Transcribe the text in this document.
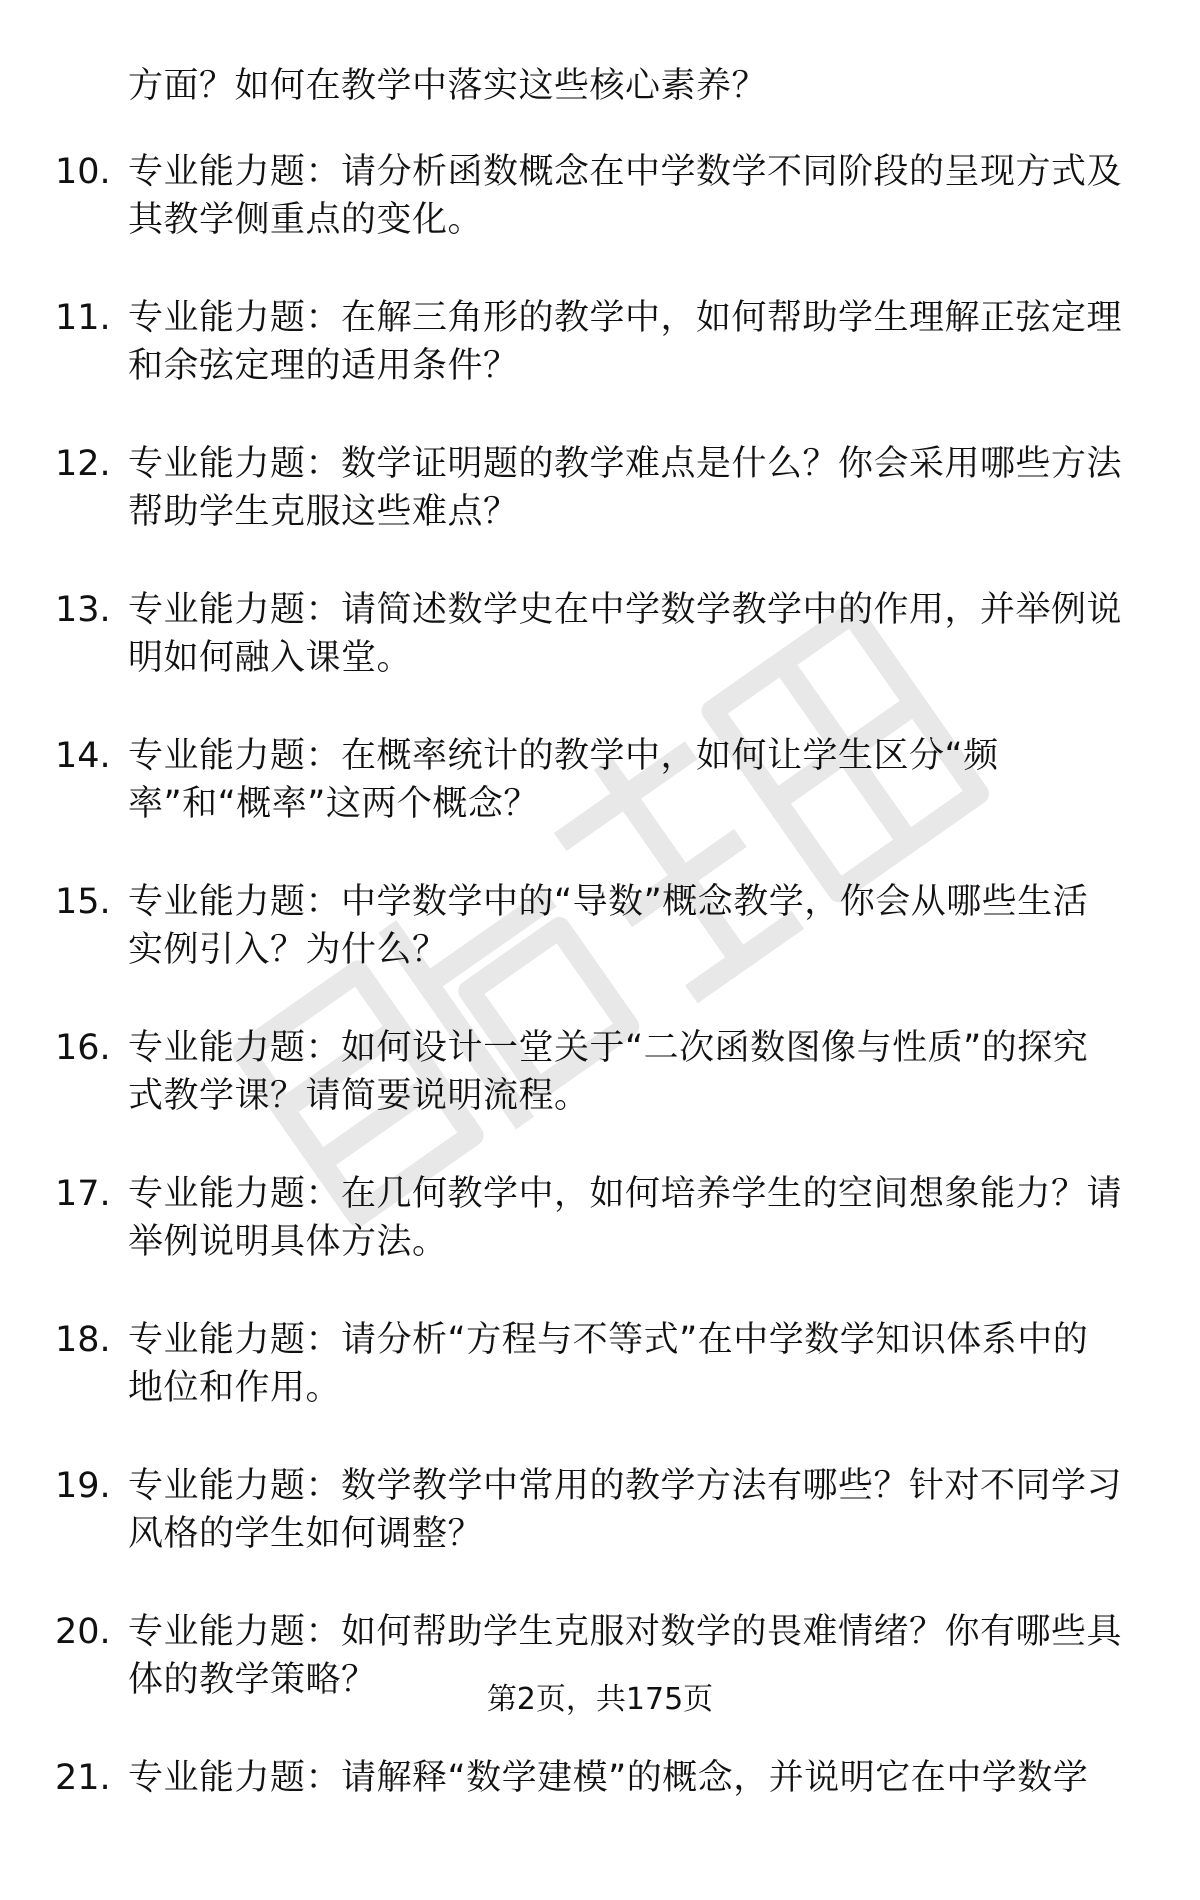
方面？如何在教学中落实这些核心素养？
10. 专业能力题：请分析函数概念在中学数学不同阶段的呈现方式及
其教学侧重点的变化。
11. 专业能力题：在解三角形的教学中，如何帮助学生理解正弦定理
和余弦定理的适用条件？
12. 专业能力题：数学证明题的教学难点是什么？你会采用哪些方法
帮助学生克服这些难点？
13. 专业能力题：请简述数学史在中学数学教学中的作用，并举例说
明如何融入课堂。
14. 专业能力题：在概率统计的教学中，如何让学生区分“频
率”和“概率”这两个概念？
15. 专业能力题：中学数学中的“导数”概念教学，你会从哪些生活
实例引入？为什么？
16. 专业能力题：如何设计一堂关于“二次函数图像与性质”的探究
式教学课？请简要说明流程。
17. 专业能力题：在几何教学中，如何培养学生的空间想象能力？请
举例说明具体方法。
18. 专业能力题：请分析“方程与不等式”在中学数学知识体系中的
地位和作用。
19. 专业能力题：数学教学中常用的教学方法有哪些？针对不同学习
风格的学生如何调整？
20. 专业能力题：如何帮助学生克服对数学的畏难情绪？你有哪些具
体的教学策略？
21. 专业能力题：请解释“数学建模”的概念，并说明它在中学数学
第2页，共175页
